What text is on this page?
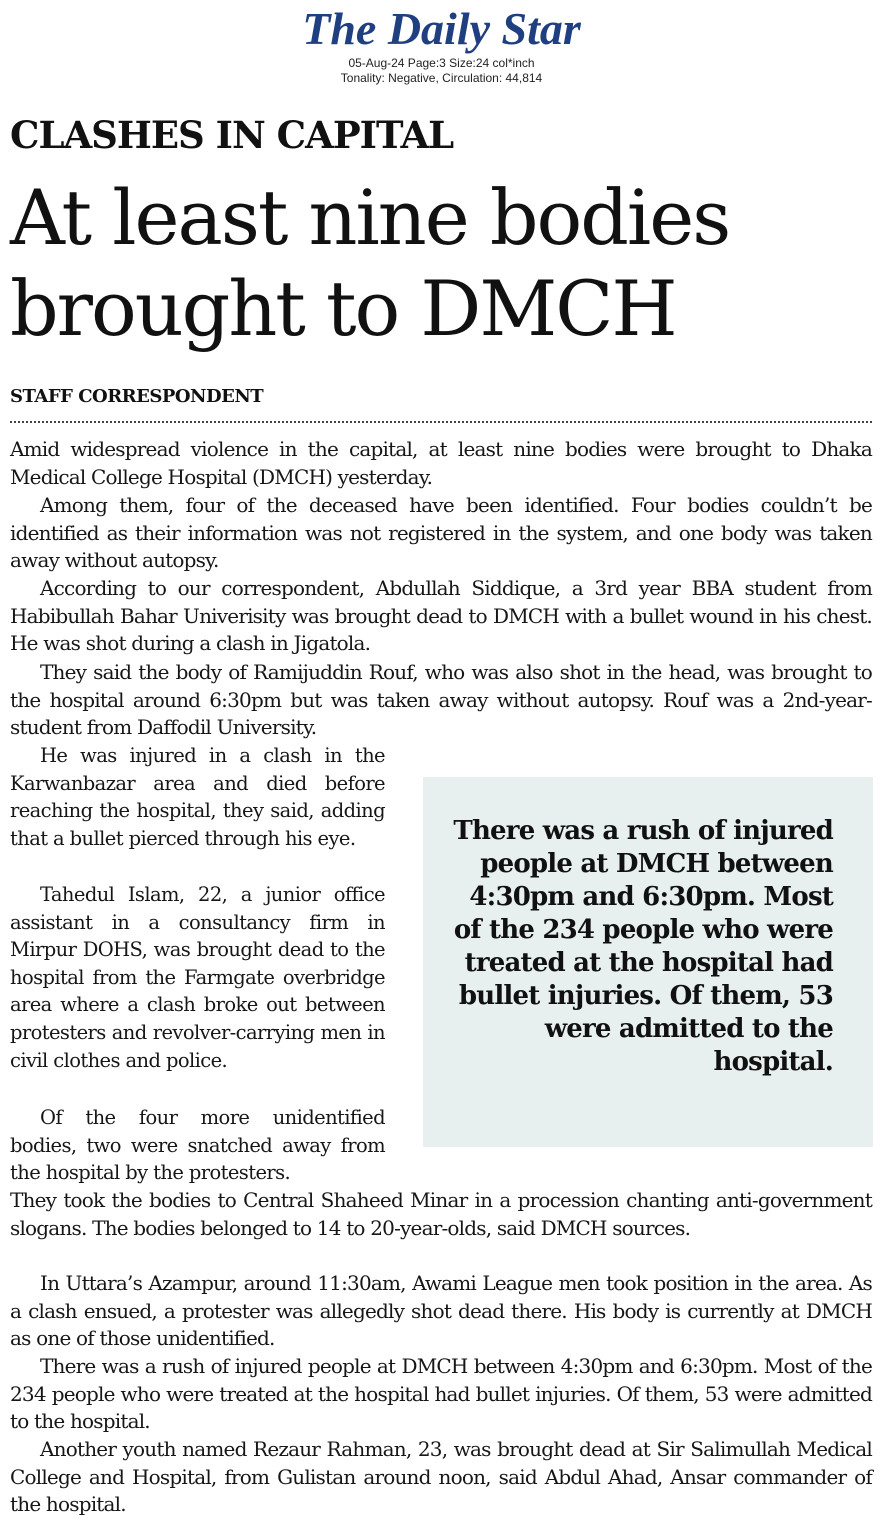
The Daily Star
05-Aug-24 Page:3 Size:24 col*inch
Tonality: Negative, Circulation: 44,814
CLASHES IN CAPITAL
At least nine bodies brought to DMCH
STAFF CORRESPONDENT

Amid widespread violence in the capital, at least nine bodies were brought to Dhaka Medical College Hospital (DMCH) yesterday.

Among them, four of the deceased have been identified. Four bodies couldn’t be identified as their information was not registered in the system, and one body was taken away without autopsy.

According to our correspondent, Abdullah Siddique, a 3rd year BBA student from Habibullah Bahar Univerisity was brought dead to DMCH with a bullet wound in his chest. He was shot during a clash in Jigatola.

They said the body of Ramijuddin Rouf, who was also shot in the head, was brought to the hospital around 6:30pm but was taken away without autopsy. Rouf was a 2nd-year-student from Daffodil University.

He was injured in a clash in the Karwanbazar area and died before reaching the hospital, they said, adding that a bullet pierced through his eye.

Tahedul Islam, 22, a junior office assistant in a consultancy firm in Mirpur DOHS, was brought dead to the hospital from the Farmgate overbridge area where a clash broke out between protesters and revolver-carrying men in civil clothes and police.

Of the four more unidentified bodies, two were snatched away from the hospital by the protesters.

There was a rush of injured people at DMCH between 4:30pm and 6:30pm. Most of the 234 people who were treated at the hospital had bullet injuries. Of them, 53 were admitted to the hospital.

They took the bodies to Central Shaheed Minar in a procession chanting anti-government slogans. The bodies belonged to 14 to 20-year-olds, said DMCH sources.

In Uttara’s Azampur, around 11:30am, Awami League men took position in the area. As a clash ensued, a protester was allegedly shot dead there. His body is currently at DMCH as one of those unidentified.

There was a rush of injured people at DMCH between 4:30pm and 6:30pm. Most of the 234 people who were treated at the hospital had bullet injuries. Of them, 53 were admitted to the hospital.

Another youth named Rezaur Rahman, 23, was brought dead at Sir Salimullah Medical College and Hospital, from Gulistan around noon, said Abdul Ahad, Ansar commander of the hospital.
